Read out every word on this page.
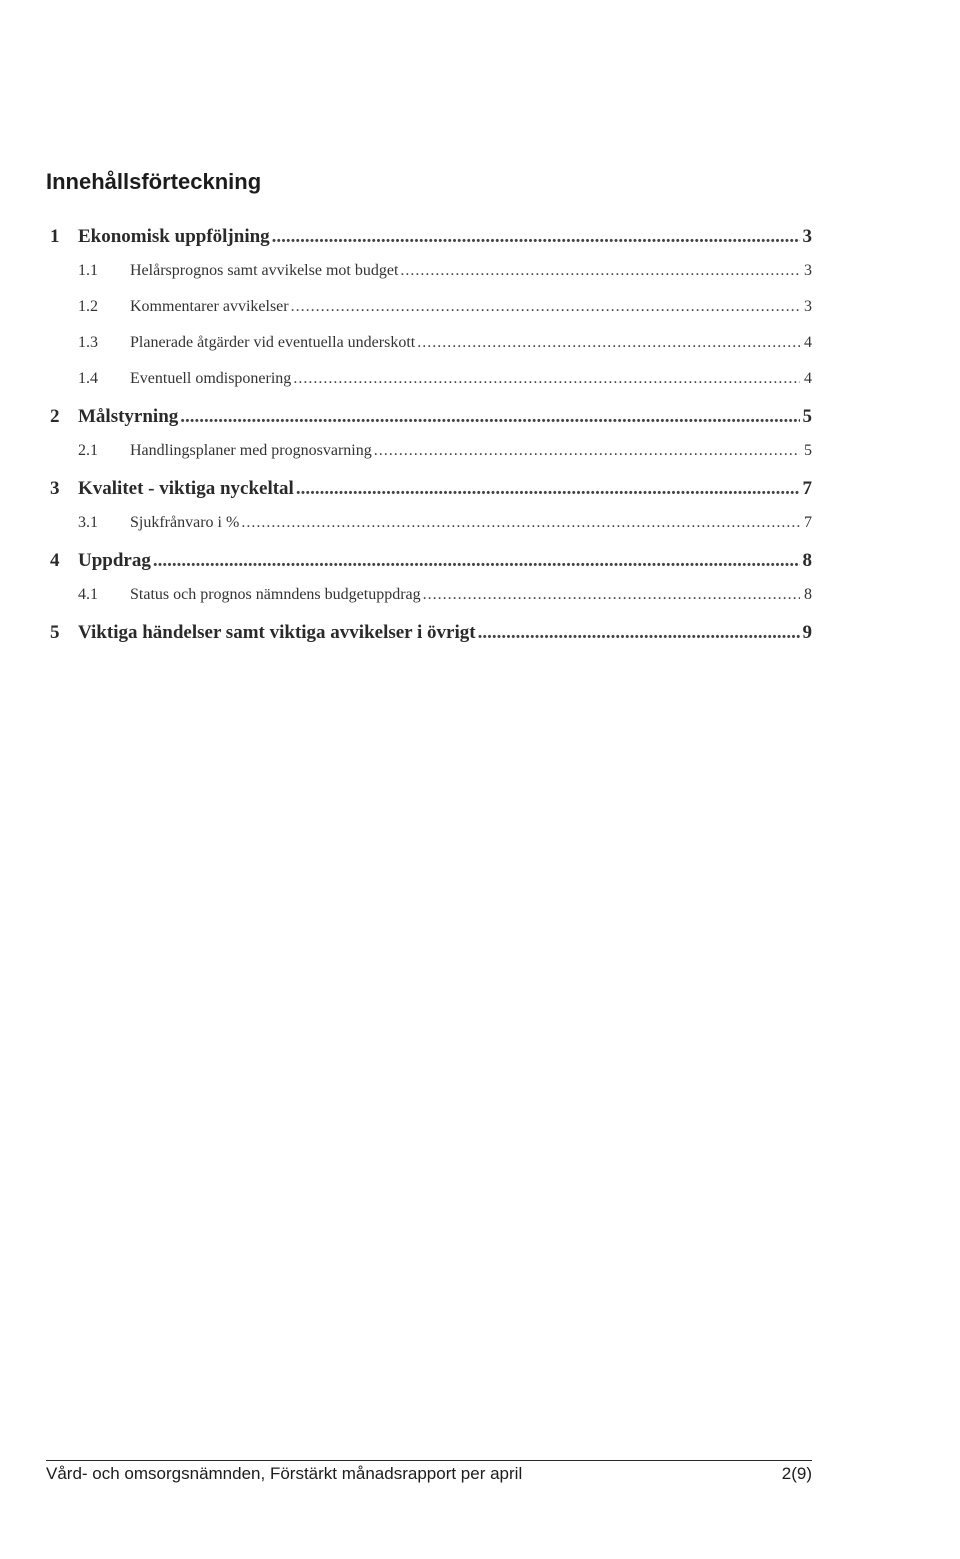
Innehållsförteckning
1 Ekonomisk uppföljning .....	3
1.1	Helårsprognos samt avvikelse mot budget .....	3
1.2	Kommentarer avvikelser .....	3
1.3	Planerade åtgärder vid eventuella underskott .....	4
1.4	Eventuell omdisponering .....	4
2 Målstyrning .....	5
2.1	Handlingsplaner med prognosvarning .....	5
3 Kvalitet - viktiga nyckeltal .....	7
3.1	Sjukfrånvaro i % .....	7
4 Uppdrag .....	8
4.1	Status och prognos nämndens budgetuppdrag .....	8
5 Viktiga händelser samt viktiga avvikelser i övrigt .....	9
Vård- och omsorgsnämnden, Förstärkt månadsrapport per april	2(9)
